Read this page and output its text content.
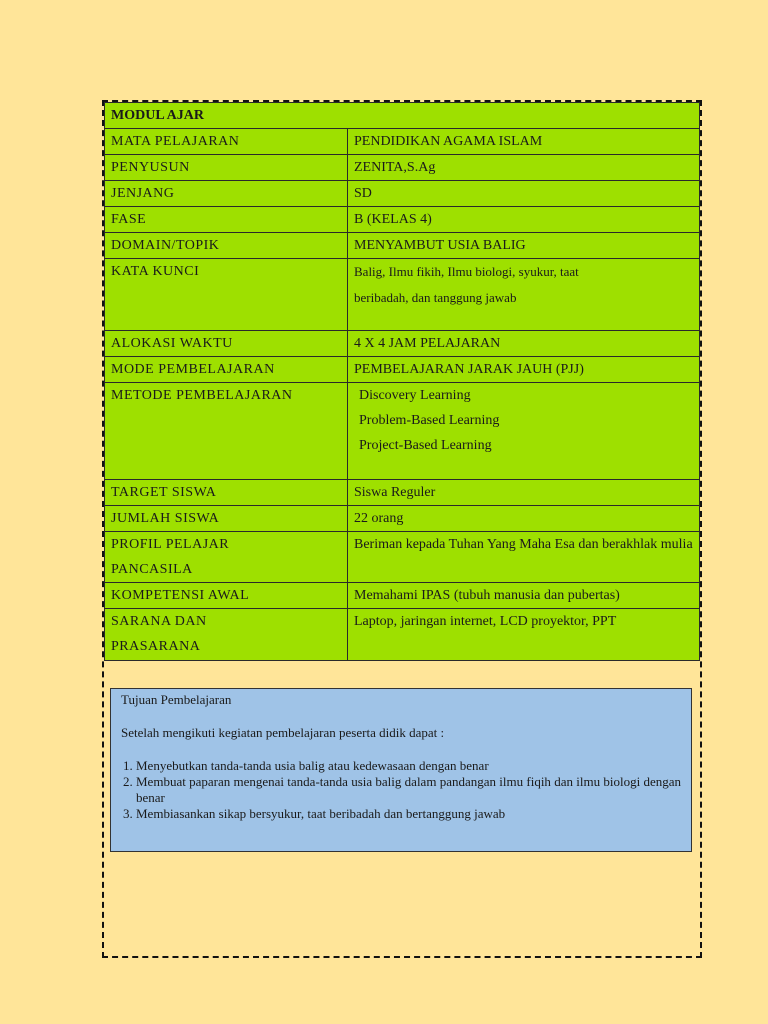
MODUL AJAR	
MATA PELAJARAN	PENDIDIKAN AGAMA ISLAM
PENYUSUN	ZENITA,S.Ag
JENJANG	SD
FASE	B (KELAS 4)
DOMAIN/TOPIK	MENYAMBUT USIA BALIG
KATA KUNCI	Balig, Ilmu fikih, Ilmu biologi, syukur, taat beribadah, dan tanggung jawab
ALOKASI WAKTU	4 X 4 JAM PELAJARAN
MODE PEMBELAJARAN	PEMBELAJARAN JARAK JAUH (PJJ)
METODE PEMBELAJARAN	Discovery Learning
Problem-Based Learning
Project-Based Learning

TARGET SISWA	Siswa Reguler
JUMLAH SISWA	22 orang
PROFIL PELAJAR PANCASILA	Beriman kepada Tuhan Yang Maha Esa dan berakhlak mulia
KOMPETENSI AWAL	Memahami IPAS (tubuh manusia dan pubertas)
SARANA DAN PRASARANA	Laptop, jaringan internet, LCD proyektor, PPT

Tujuan Pembelajaran

Setelah mengikuti kegiatan pembelajaran peserta didik dapat :

1. Menyebutkan tanda-tanda usia balig atau kedewasaan dengan benar
2. Membuat paparan mengenai tanda-tanda usia balig dalam pandangan ilmu fiqih dan ilmu biologi dengan benar
3. Membiasankan sikap bersyukur, taat beribadah dan bertanggung jawab
